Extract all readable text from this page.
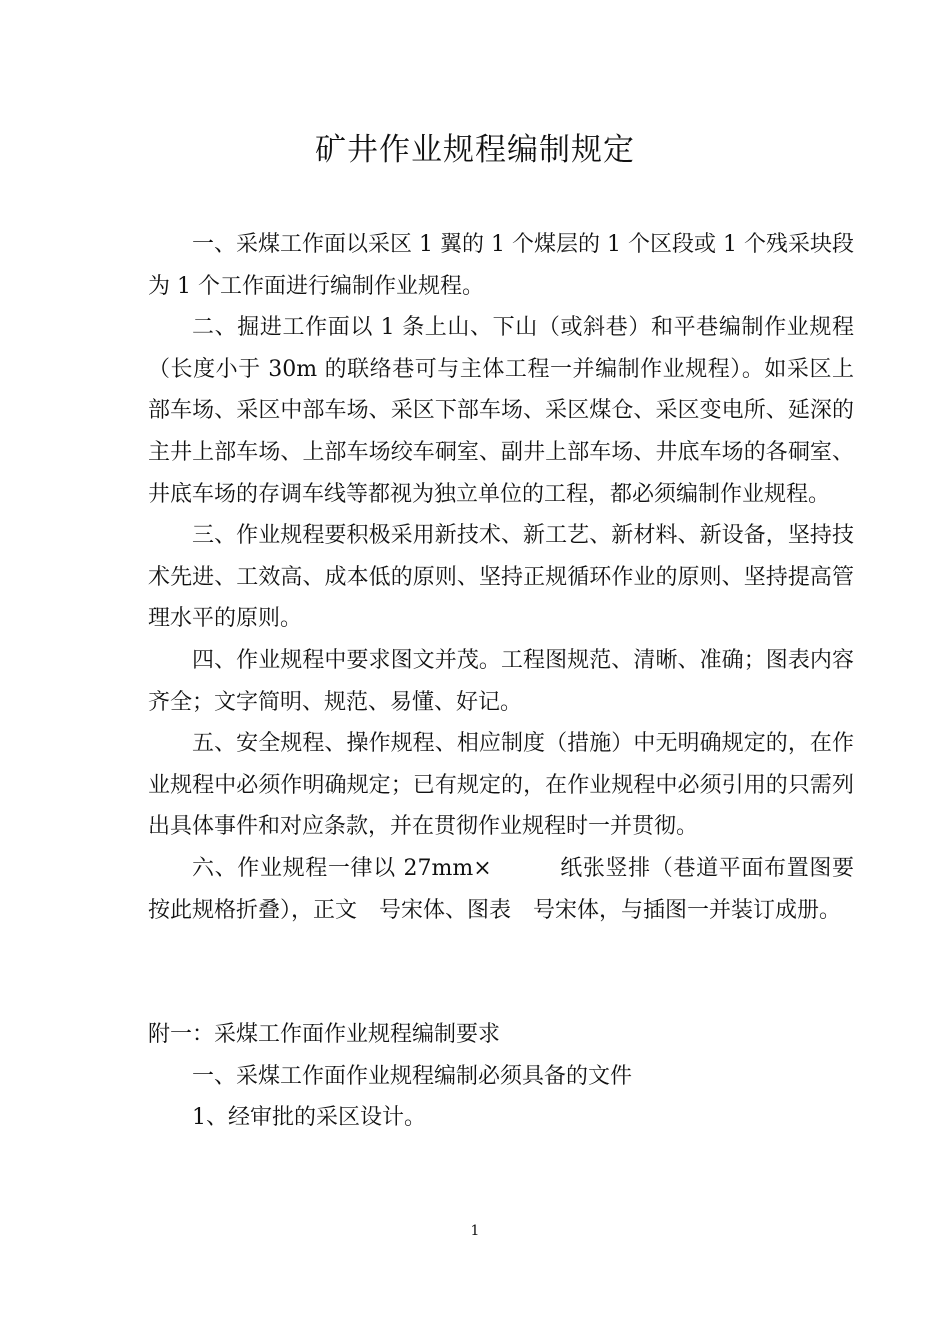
矿井作业规程编制规定

一、采煤工作面以采区 1 翼的 1 个煤层的 1 个区段或 1 个残采块段为 1 个工作面进行编制作业规程。

二、掘进工作面以 1 条上山、下山（或斜巷）和平巷编制作业规程（长度小于 30m 的联络巷可与主体工程一并编制作业规程）。如采区上部车场、采区中部车场、采区下部车场、采区煤仓、采区变电所、延深的主井上部车场、上部车场绞车硐室、副井上部车场、井底车场的各硐室、井底车场的存调车线等都视为独立单位的工程，都必须编制作业规程。

三、作业规程要积极采用新技术、新工艺、新材料、新设备，坚持技术先进、工效高、成本低的原则、坚持正规循环作业的原则、坚持提高管理水平的原则。

四、作业规程中要求图文并茂。工程图规范、清晰、准确；图表内容齐全；文字简明、规范、易懂、好记。

五、安全规程、操作规程、相应制度（措施）中无明确规定的，在作业规程中必须作明确规定；已有规定的，在作业规程中必须引用的只需列出具体事件和对应条款，并在贯彻作业规程时一并贯彻。

六、作业规程一律以 27mm×　　　纸张竖排（巷道平面布置图要按此规格折叠），正文　号宋体、图表　号宋体，与插图一并装订成册。

附一：采煤工作面作业规程编制要求

一、采煤工作面作业规程编制必须具备的文件

1、经审批的采区设计。

1
